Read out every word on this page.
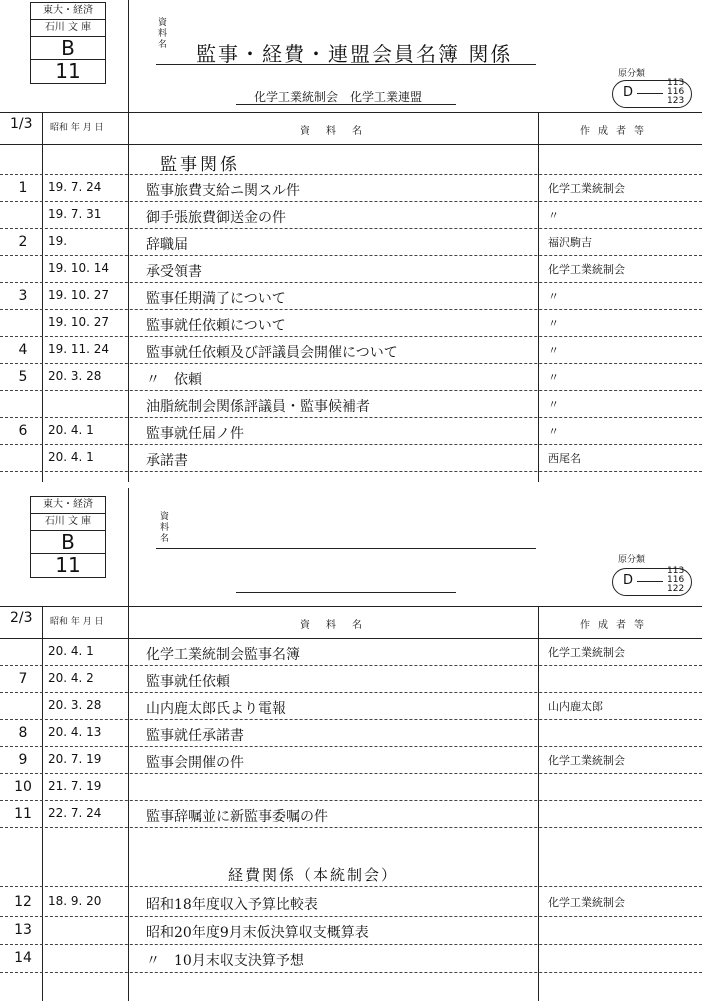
東大・経済
石川 文 庫
B
11
資料名 監事・経費・連盟会員名簿 関係
化学工業統制会　化学工業連盟
原分類
D
113
116
123
1/3 昭和 年 月 日	資料名	作成者等
監事関係
1	19. 7. 24	監事旅費支給ニ関スル件	化学工業統制会
19. 7. 31	御手張旅費御送金の件	〃
2	19.	辞職届	福沢駒吉
19. 10. 14	承受領書	化学工業統制会
3	19. 10. 27	監事任期満了について	〃
19. 10. 27	監事就任依頼について	〃
4	19. 11. 24	監事就任依頼及び評議員会開催について	〃
5	20. 3. 28	〃　依頼	〃
油脂統制会関係評議員・監事候補者	〃
6	20. 4. 1	監事就任届ノ件	〃
20. 4. 1	承諾書	西尾名
東大・経済
石川 文 庫
B
11
資料名
原分類
D
113
116
122
2/3 昭和 年 月 日	資料名	作成者等
20. 4. 1	化学工業統制会監事名簿	化学工業統制会
7	20. 4. 2	監事就任依頼
20. 3. 28	山内鹿太郎氏より電報	山内鹿太郎
8	20. 4. 13	監事就任承諾書
9	20. 7. 19	監事会開催の件	化学工業統制会
10	21. 7. 19
11	22. 7. 24	監事辞嘱並に新監事委嘱の件
経費関係（本統制会）
12	18. 9. 20	昭和18年度収入予算比較表	化学工業統制会
13	昭和20年度9月末仮決算収支概算表
14	〃　10月末収支決算予想
